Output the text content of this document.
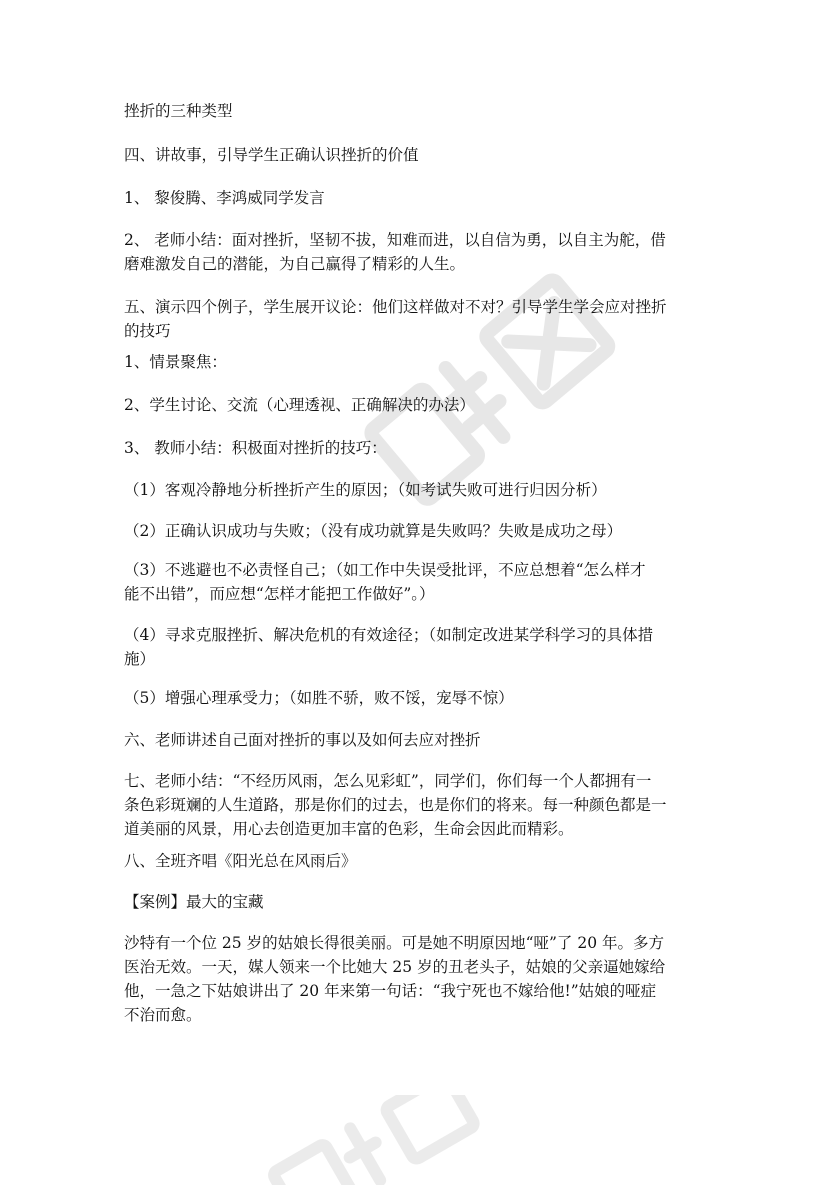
挫折的三种类型
四、讲故事，引导学生正确认识挫折的价值
1、 黎俊腾、李鸿威同学发言
2、 老师小结：面对挫折，坚韧不拔，知难而进，以自信为勇，以自主为舵，借
磨难激发自己的潜能，为自己赢得了精彩的人生。
五、演示四个例子，学生展开议论：他们这样做对不对？引导学生学会应对挫折
的技巧
1、情景聚焦：
2、学生讨论、交流（心理透视、正确解决的办法）
3、 教师小结：积极面对挫折的技巧：
（1）客观冷静地分析挫折产生的原因；（如考试失败可进行归因分析）
（2）正确认识成功与失败；（没有成功就算是失败吗？失败是成功之母）
（3）不逃避也不必责怪自己；（如工作中失误受批评，不应总想着“怎么样才
能不出错”，而应想“怎样才能把工作做好”。）
（4）寻求克服挫折、解决危机的有效途径；（如制定改进某学科学习的具体措
施）
（5）增强心理承受力；（如胜不骄，败不馁，宠辱不惊）
六、老师讲述自己面对挫折的事以及如何去应对挫折
七、老师小结：“不经历风雨，怎么见彩虹”，同学们，你们每一个人都拥有一
条色彩斑斓的人生道路，那是你们的过去，也是你们的将来。每一种颜色都是一
道美丽的风景，用心去创造更加丰富的色彩，生命会因此而精彩。
八、全班齐唱《阳光总在风雨后》
【案例】最大的宝藏
沙特有一个位 25 岁的姑娘长得很美丽。可是她不明原因地“哑”了 20 年。多方
医治无效。一天，媒人领来一个比她大 25 岁的丑老头子，姑娘的父亲逼她嫁给
他，一急之下姑娘讲出了 20 年来第一句话：“我宁死也不嫁给他!”姑娘的哑症
不治而愈。
